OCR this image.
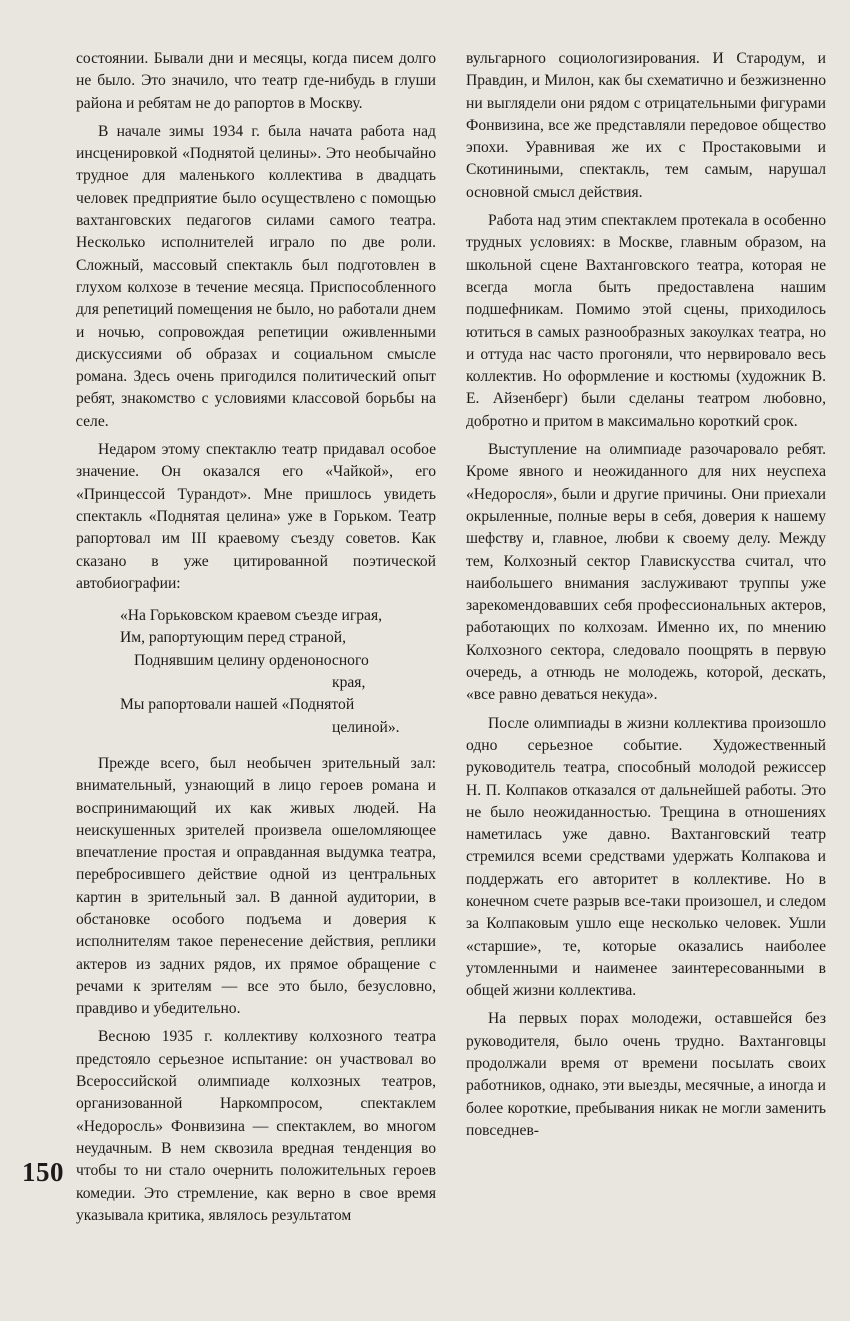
состоянии. Бывали дни и месяцы, когда писем долго не было. Это значило, что театр где-нибудь в глуши района и ребятам не до рапортов в Москву.

В начале зимы 1934 г. была начата работа над инсценировкой «Поднятой целины». Это необычайно трудное для маленького коллектива в двадцать человек предприятие было осуществлено с помощью вахтанговских педагогов силами самого театра. Несколько исполнителей играло по две роли. Сложный, массовый спектакль был подготовлен в глухом колхозе в течение месяца. Приспособленного для репетиций помещения не было, но работали днем и ночью, сопровождая репетиции оживленными дискуссиями об образах и социальном смысле романа. Здесь очень пригодился политический опыт ребят, знакомство с условиями классовой борьбы на селе.

Недаром этому спектаклю театр придавал особое значение. Он оказался его «Чайкой», его «Принцессой Турандот». Мне пришлось увидеть спектакль «Поднятая целина» уже в Горьком. Театр рапортовал им III краевому съезду советов. Как сказано в уже цитированной поэтической автобиографии:

«На Горьковском краевом съезде играя,
Им, рапортующим перед страной,
Поднявшим целину орденоносного
края,
Мы рапортовали нашей «Поднятой
целиной».

Прежде всего, был необычен зрительный зал: внимательный, узнающий в лицо героев романа и воспринимающий их как живых людей. На неискушенных зрителей произвела ошеломляющее впечатление простая и оправданная выдумка театра, перебросившего действие одной из центральных картин в зрительный зал. В данной аудитории, в обстановке особого подъема и доверия к исполнителям такое перенесение действия, реплики актеров из задних рядов, их прямое обращение с речами к зрителям — все это было, безусловно, правдиво и убедительно.

Весною 1935 г. коллективу колхозного театра предстояло серьезное испытание: он участвовал во Всероссийской олимпиаде колхозных театров, организованной Наркомпросом, спектаклем «Недоросль» Фонвизина — спектаклем, во многом неудачным. В нем сквозила вредная тенденция во чтобы то ни стало очернить положительных героев комедии. Это стремление, как верно в свое время указывала критика, являлось результатом

вульгарного социологизирования. И Стародум, и Правдин, и Милон, как бы схематично и безжизненно ни выглядели они рядом с отрицательными фигурами Фонвизина, все же представляли передовое общество эпохи. Уравнивая же их с Простаковыми и Скотиниными, спектакль, тем самым, нарушал основной смысл действия.

Работа над этим спектаклем протекала в особенно трудных условиях: в Москве, главным образом, на школьной сцене Вахтанговского театра, которая не всегда могла быть предоставлена нашим подшефникам. Помимо этой сцены, приходилось ютиться в самых разнообразных закоулках театра, но и оттуда нас часто прогоняли, что нервировало весь коллектив. Но оформление и костюмы (художник В. Е. Айзенберг) были сделаны театром любовно, добротно и притом в максимально короткий срок.

Выступление на олимпиаде разочаровало ребят. Кроме явного и неожиданного для них неуспеха «Недоросля», были и другие причины. Они приехали окрыленные, полные веры в себя, доверия к нашему шефству и, главное, любви к своему делу. Между тем, Колхозный сектор Главискусства считал, что наибольшего внимания заслуживают труппы уже зарекомендовавших себя профессиональных актеров, работающих по колхозам. Именно их, по мнению Колхозного сектора, следовало поощрять в первую очередь, а отнюдь не молодежь, которой, дескать, «все равно деваться некуда».

После олимпиады в жизни коллектива произошло одно серьезное событие. Художественный руководитель театра, способный молодой режиссер Н. П. Колпаков отказался от дальнейшей работы. Это не было неожиданностью. Трещина в отношениях наметилась уже давно. Вахтанговский театр стремился всеми средствами удержать Колпакова и поддержать его авторитет в коллективе. Но в конечном счете разрыв все-таки произошел, и следом за Колпаковым ушло еще несколько человек. Ушли «старшие», те, которые оказались наиболее утомленными и наименее заинтересованными в общей жизни коллектива.

На первых порах молодежи, оставшейся без руководителя, было очень трудно. Вахтанговцы продолжали время от времени посылать своих работников, однако, эти выезды, месячные, а иногда и более короткие, пребывания никак не могли заменить повседнев-

150
